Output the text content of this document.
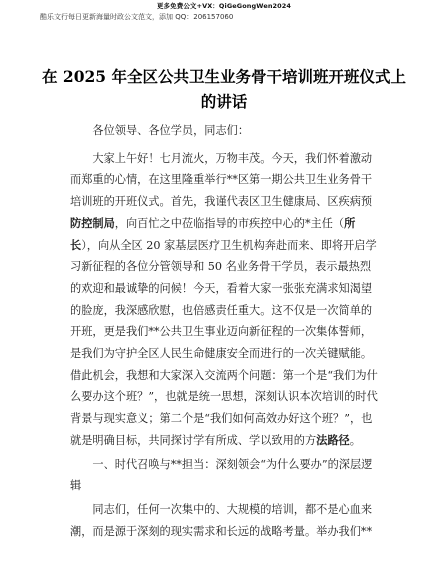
更多免费公文+VX：QiGeGongWen2024
酷乐文行每日更新海量时政公文范文，添加 QQ：206157060
在 2025 年全区公共卫生业务骨干培训班开班仪式上的讲话

各位领导、各位学员，同志们：

大家上午好！七月流火，万物丰茂。今天，我们怀着激动而郑重的心情，在这里隆重举行**区第一期公共卫生业务骨干培训班的开班仪式。首先，我谨代表区卫生健康局、区疾病预防控制局，向百忙之中莅临指导的市疾控中心的*主任（所长），向从全区 20 家基层医疗卫生机构奔赴而来、即将开启学习新征程的各位分管领导和 50 名业务骨干学员，表示最热烈的欢迎和最诚挚的问候！今天，看着大家一张张充满求知渴望的脸庞，我深感欣慰，也倍感责任重大。这不仅是一次简单的开班，更是我们**公共卫生事业迈向新征程的一次集体誓师，是我们为守护全区人民生命健康安全而进行的一次关键赋能。借此机会，我想和大家深入交流两个问题：第一个是“我们为什么要办这个班？”，也就是统一思想，深刻认识本次培训的时代背景与现实意义；第二个是“我们如何高效办好这个班？”，也就是明确目标，共同探讨学有所成、学以致用的方法路径。

一、时代召唤与**担当：深刻领会“为什么要办”的深层逻辑

同志们，任何一次集中的、大规模的培训，都不是心血来潮，而是源于深刻的现实需求和长远的战略考量。举办我们**
